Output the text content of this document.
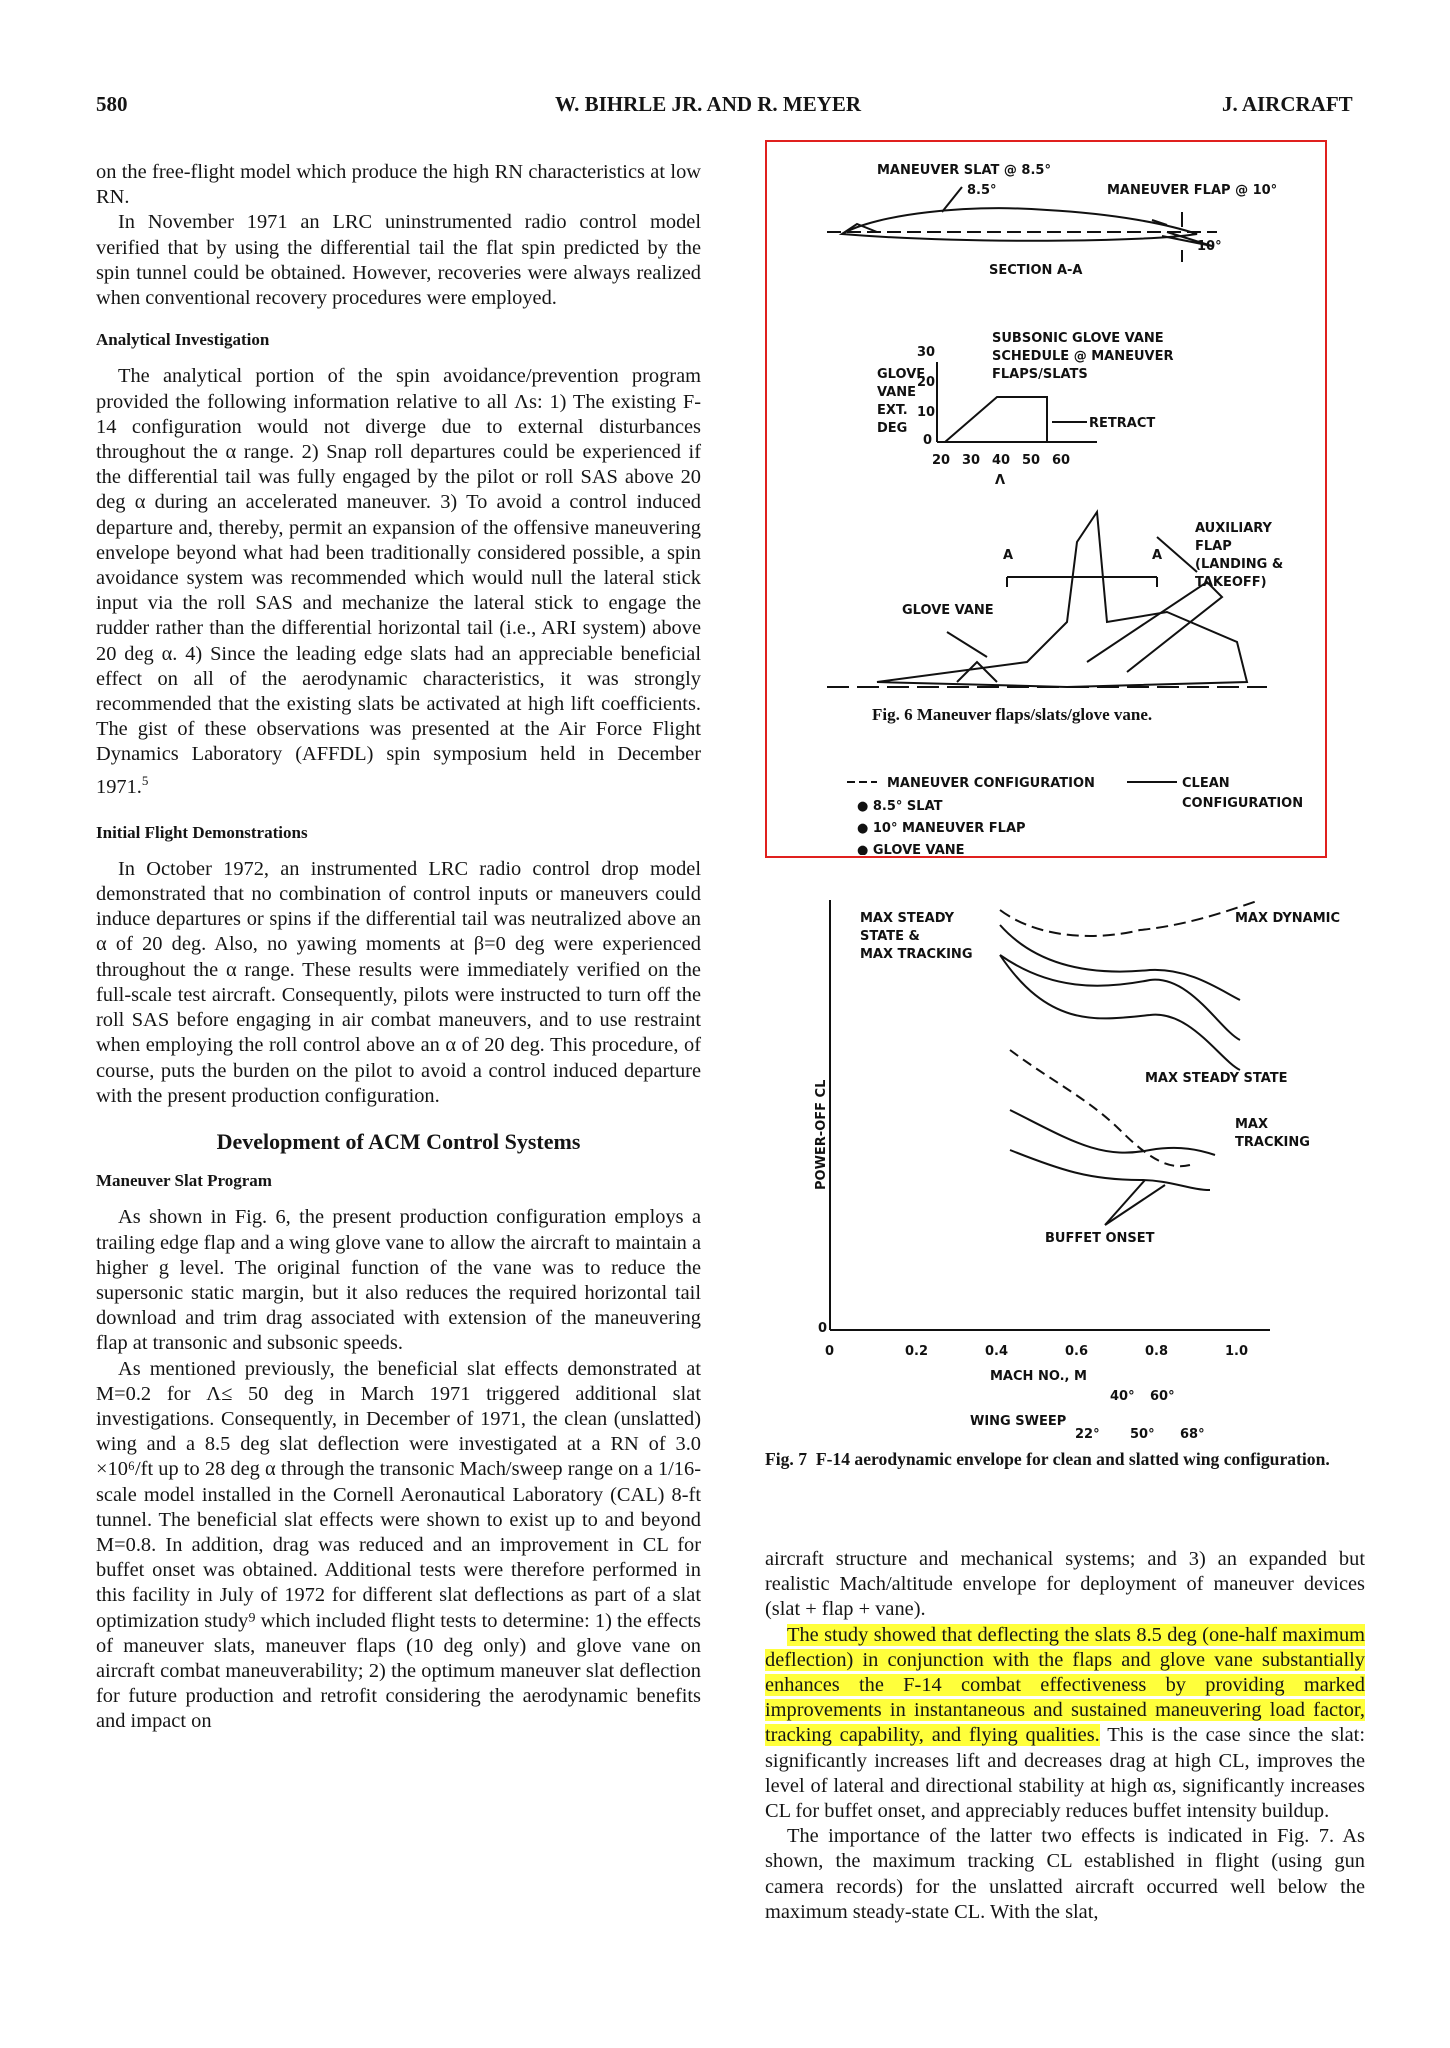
580	W. BIHRLE JR. AND R. MEYER	J. AIRCRAFT

on the free-flight model which produce the high RN characteristics at low RN.

In November 1971 an LRC uninstrumented radio control model verified that by using the differential tail the flat spin predicted by the spin tunnel could be obtained. However, recoveries were always realized when conventional recovery procedures were employed.

Analytical Investigation

The analytical portion of the spin avoidance/prevention program provided the following information relative to all Λs: 1) The existing F-14 configuration would not diverge due to external disturbances throughout the α range. 2) Snap roll departures could be experienced if the differential tail was fully engaged by the pilot or roll SAS above 20 deg α during an accelerated maneuver. 3) To avoid a control induced departure and, thereby, permit an expansion of the offensive maneuvering envelope beyond what had been traditionally considered possible, a spin avoidance system was recommended which would null the lateral stick input via the roll SAS and mechanize the lateral stick to engage the rudder rather than the differential horizontal tail (i.e., ARI system) above 20 deg α. 4) Since the leading edge slats had an appreciable beneficial effect on all of the aerodynamic characteristics, it was strongly recommended that the existing slats be activated at high lift coefficients. The gist of these observations was presented at the Air Force Flight Dynamics Laboratory (AFFDL) spin symposium held in December 1971.$^5$

Initial Flight Demonstrations

In October 1972, an instrumented LRC radio control drop model demonstrated that no combination of control inputs or maneuvers could induce departures or spins if the differential tail was neutralized above an α of 20 deg. Also, no yawing moments at β=0 deg were experienced throughout the α range. These results were immediately verified on the full-scale test aircraft. Consequently, pilots were instructed to turn off the roll SAS before engaging in air combat maneuvers, and to use restraint when employing the roll control above an α of 20 deg. This procedure, of course, puts the burden on the pilot to avoid a control induced departure with the present production configuration.

Development of ACM Control Systems
Maneuver Slat Program

As shown in Fig. 6, the present production configuration employs a trailing edge flap and a wing glove vane to allow the aircraft to maintain a higher g level. The original function of the vane was to reduce the supersonic static margin, but it also reduces the required horizontal tail download and trim drag associated with extension of the maneuvering flap at transonic and subsonic speeds.

As mentioned previously, the beneficial slat effects demonstrated at M=0.2 for Λ≤ 50 deg in March 1971 triggered additional slat investigations. Consequently, in December of 1971, the clean (unslatted) wing and a 8.5 deg slat deflection were investigated at a RN of 3.0 ×10⁶/ft up to 28 deg α through the transonic Mach/sweep range on a 1/16-scale model installed in the Cornell Aeronautical Laboratory (CAL) 8-ft tunnel. The beneficial slat effects were shown to exist up to and beyond M=0.8. In addition, drag was reduced and an improvement in CL for buffet onset was obtained. Additional tests were therefore performed in this facility in July of 1972 for different slat deflections as part of a slat optimization study⁹ which included flight tests to determine: 1) the effects of maneuver slats, maneuver flaps (10 deg only) and glove vane on aircraft combat maneuverability; 2) the optimum maneuver slat deflection for future production and retrofit considering the aerodynamic benefits and impact on

MANEUVER SLAT @ 8.5°
8.5°	MANEUVER FLAP @ 10°
10°
SECTION A-A
SUBSONIC GLOVE VANE
SCHEDULE @ MANEUVER
FLAPS/SLATS
GLOVE
VANE
EXT.
DEG
30
20
10
0
20 30 40 50 60
Λ
RETRACT
A	A
AUXILIARY
FLAP
(LANDING &
TAKEOFF)
GLOVE VANE
MANEUVER CONFIGURATION
● 8.5° SLAT
● 10° MANEUVER FLAP
● GLOVE VANE
CLEAN
CONFIGURATION
Fig. 6 Maneuver flaps/slats/glove vane.
POWER-OFF CL
MAX STEADY
STATE &
MAX TRACKING
MAX DYNAMIC
MAX STEADY STATE
MAX
TRACKING
BUFFET ONSET
0
0	0.2	0.4	0.6	0.8	1.0
MACH NO., M
40° 60°
WING SWEEP
22° 50° 68°
Fig. 7 F-14 aerodynamic envelope for clean and slatted wing configuration.

aircraft structure and mechanical systems; and 3) an expanded but realistic Mach/altitude envelope for deployment of maneuver devices (slat + flap + vane).

The study showed that deflecting the slats 8.5 deg (one-half maximum deflection) in conjunction with the flaps and glove vane substantially enhances the F-14 combat effectiveness by providing marked improvements in instantaneous and sustained maneuvering load factor, tracking capability, and flying qualities. This is the case since the slat: significantly increases lift and decreases drag at high CL, improves the level of lateral and directional stability at high αs, significantly increases CL for buffet onset, and appreciably reduces buffet intensity buildup.

The importance of the latter two effects is indicated in Fig. 7. As shown, the maximum tracking CL established in flight (using gun camera records) for the unslatted aircraft occurred well below the maximum steady-state CL. With the slat,
